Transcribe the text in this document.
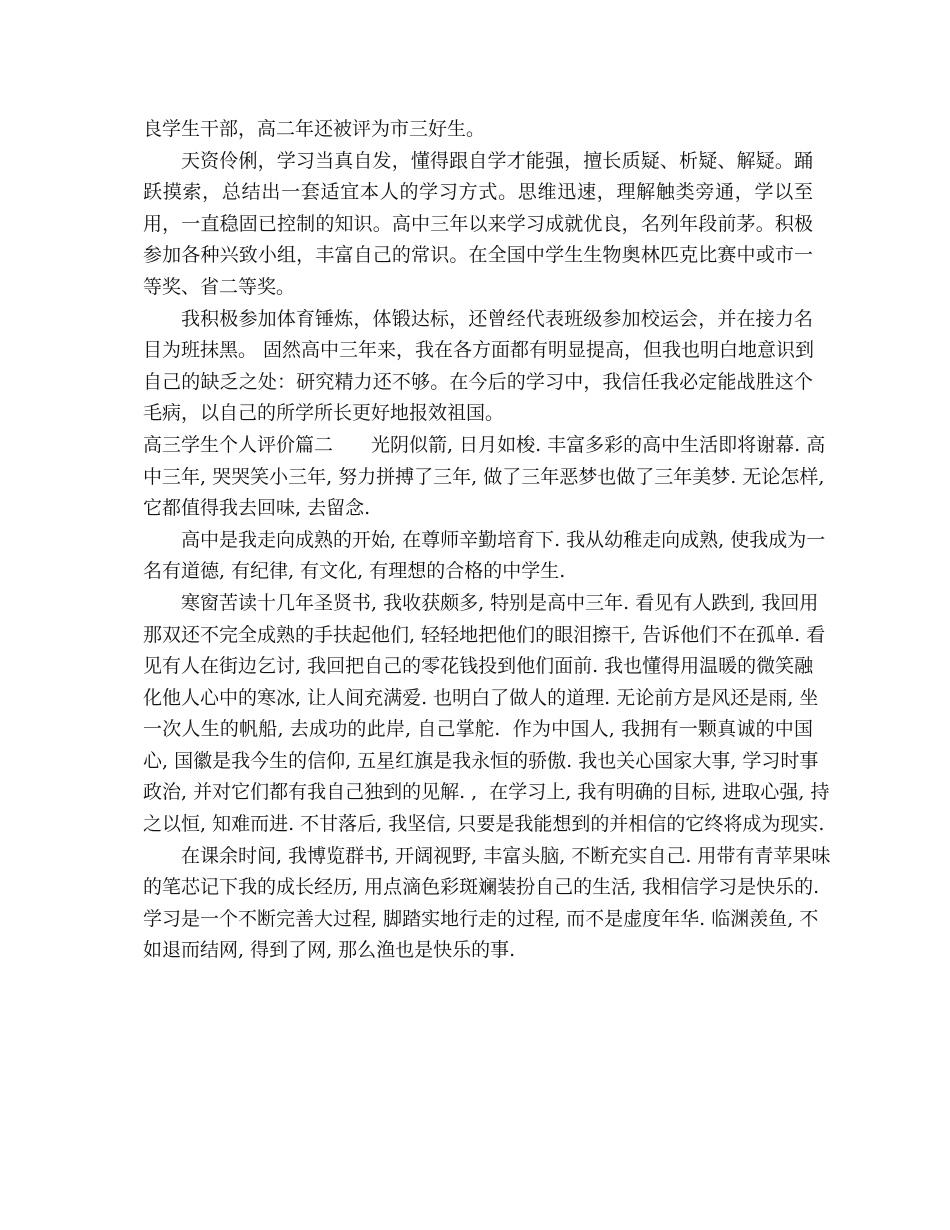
良学生干部，高二年还被评为市三好生。
天资伶俐，学习当真自发，懂得跟自学才能强，擅长质疑、析疑、解疑。踊
跃摸索，总结出一套适宜本人的学习方式。思维迅速，理解触类旁通，学以至
用，一直稳固已控制的知识。高中三年以来学习成就优良，名列年段前茅。积极
参加各种兴致小组，丰富自己的常识。在全国中学生生物奥林匹克比赛中或市一
等奖、省二等奖。
我积极参加体育锤炼，体锻达标，还曾经代表班级参加校运会，并在接力名
目为班抹黑。 固然高中三年来，我在各方面都有明显提高，但我也明白地意识到
自己的缺乏之处：研究精力还不够。在今后的学习中，我信任我必定能战胜这个
毛病，以自己的所学所长更好地报效祖国。
高三学生个人评价篇二　　光阴似箭, 日月如梭. 丰富多彩的高中生活即将谢幕. 高
中三年, 哭哭笑小三年, 努力拼搏了三年, 做了三年恶梦也做了三年美梦. 无论怎样,
它都值得我去回味, 去留念.
高中是我走向成熟的开始, 在尊师辛勤培育下. 我从幼稚走向成熟, 使我成为一
名有道德, 有纪律, 有文化, 有理想的合格的中学生.
寒窗苦读十几年圣贤书, 我收获颇多, 特别是高中三年. 看见有人跌到, 我回用
那双还不完全成熟的手扶起他们, 轻轻地把他们的眼泪擦干, 告诉他们不在孤单. 看
见有人在街边乞讨, 我回把自己的零花钱投到他们面前. 我也懂得用温暖的微笑融
化他人心中的寒冰, 让人间充满爱. 也明白了做人的道理. 无论前方是风还是雨, 坐
一次人生的帆船, 去成功的此岸, 自己掌舵.  作为中国人, 我拥有一颗真诚的中国
心, 国徽是我今生的信仰, 五星红旗是我永恒的骄傲. 我也关心国家大事, 学习时事
政治, 并对它们都有我自己独到的见解. ,  在学习上, 我有明确的目标, 进取心强, 持
之以恒, 知难而进. 不甘落后, 我坚信, 只要是我能想到的并相信的它终将成为现实.
在课余时间, 我博览群书, 开阔视野, 丰富头脑, 不断充实自己. 用带有青苹果味
的笔芯记下我的成长经历, 用点滴色彩斑斓装扮自己的生活, 我相信学习是快乐的.
学习是一个不断完善大过程, 脚踏实地行走的过程, 而不是虚度年华. 临渊羡鱼, 不
如退而结网, 得到了网, 那么渔也是快乐的事.
